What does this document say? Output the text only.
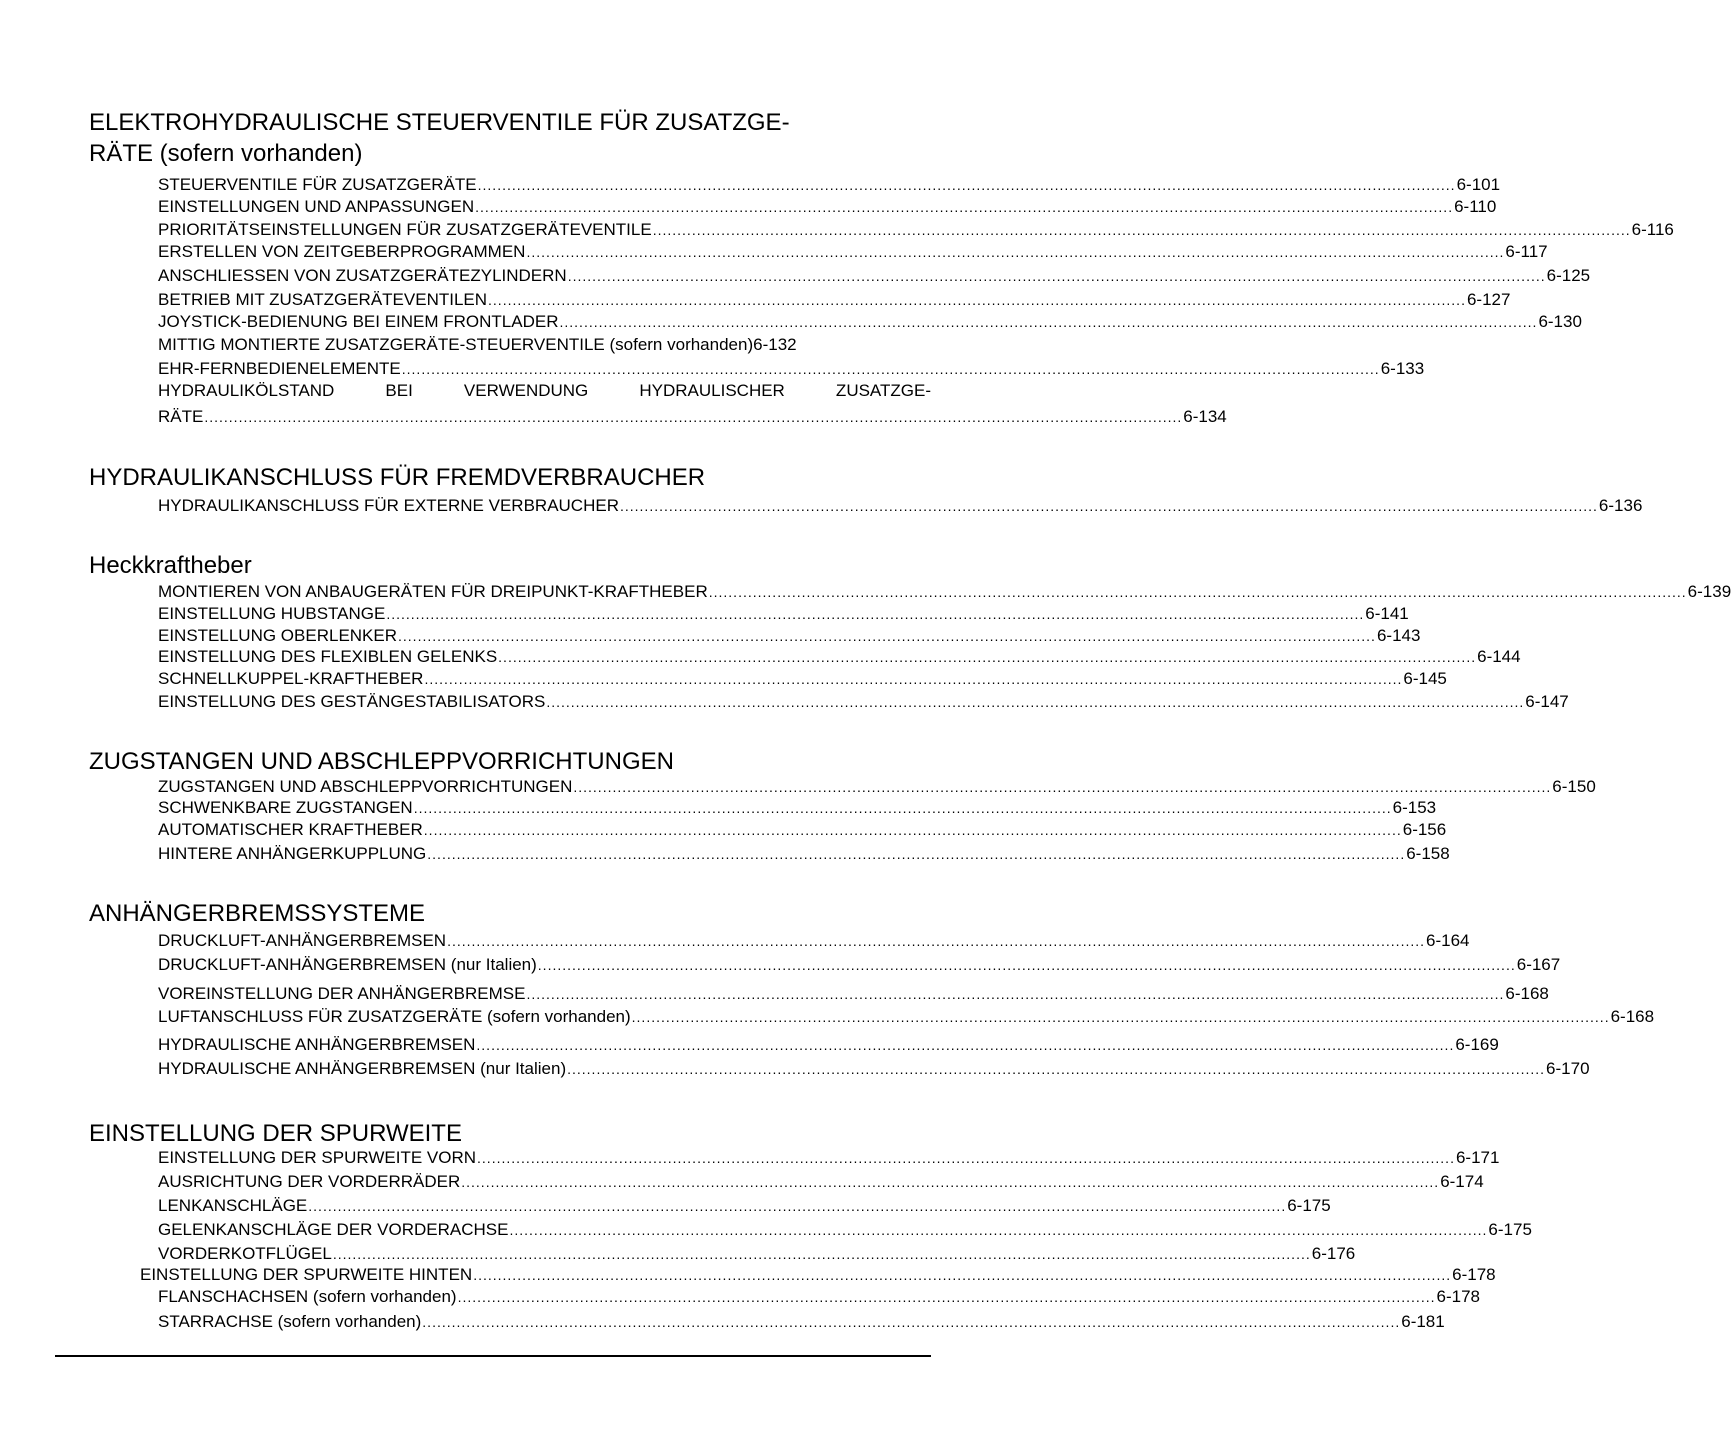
ELEKTROHYDRAULISCHE STEUERVENTILE FÜR ZUSATZGE-
RÄTE (sofern vorhanden)
STEUERVENTILE FÜR ZUSATZGERÄTE ........................................................................................................................................................................................................ 6-101
EINSTELLUNGEN UND ANPASSUNGEN ........................................................................................................................................................................................................ 6-110
PRIORITÄTSEINSTELLUNGEN FÜR ZUSATZGERÄTEVENTILE ........................................................................................................................................................................................................ 6-116
ERSTELLEN VON ZEITGEBERPROGRAMMEN ........................................................................................................................................................................................................ 6-117
ANSCHLIESSEN VON ZUSATZGERÄTEZYLINDERN ........................................................................................................................................................................................................ 6-125
BETRIEB MIT ZUSATZGERÄTEVENTILEN ........................................................................................................................................................................................................ 6-127
JOYSTICK-BEDIENUNG BEI EINEM FRONTLADER ........................................................................................................................................................................................................ 6-130
MITTIG MONTIERTE ZUSATZGERÄTE-STEUERVENTILE (sofern vorhanden) 6-132
EHR-FERNBEDIENELEMENTE ........................................................................................................................................................................................................ 6-133
HYDRAULIKÖLSTAND BEI VERWENDUNG HYDRAULISCHER ZUSATZGE-
RÄTE ........................................................................................................................................................................................................ 6-134
HYDRAULIKANSCHLUSS FÜR FREMDVERBRAUCHER
HYDRAULIKANSCHLUSS FÜR EXTERNE VERBRAUCHER ........................................................................................................................................................................................................ 6-136
Heckkraftheber
MONTIEREN VON ANBAUGERÄTEN FÜR DREIPUNKT-KRAFTHEBER ........................................................................................................................................................................................................ 6-139
EINSTELLUNG HUBSTANGE ........................................................................................................................................................................................................ 6-141
EINSTELLUNG OBERLENKER ........................................................................................................................................................................................................ 6-143
EINSTELLUNG DES FLEXIBLEN GELENKS ........................................................................................................................................................................................................ 6-144
SCHNELLKUPPEL-KRAFTHEBER ........................................................................................................................................................................................................ 6-145
EINSTELLUNG DES GESTÄNGESTABILISATORS ........................................................................................................................................................................................................ 6-147
ZUGSTANGEN UND ABSCHLEPPVORRICHTUNGEN
ZUGSTANGEN UND ABSCHLEPPVORRICHTUNGEN ........................................................................................................................................................................................................ 6-150
SCHWENKBARE ZUGSTANGEN ........................................................................................................................................................................................................ 6-153
AUTOMATISCHER KRAFTHEBER ........................................................................................................................................................................................................ 6-156
HINTERE ANHÄNGERKUPPLUNG ........................................................................................................................................................................................................ 6-158
ANHÄNGERBREMSSYSTEME
DRUCKLUFT-ANHÄNGERBREMSEN ........................................................................................................................................................................................................ 6-164
DRUCKLUFT-ANHÄNGERBREMSEN (nur Italien) ........................................................................................................................................................................................................ 6-167
VOREINSTELLUNG DER ANHÄNGERBREMSE ........................................................................................................................................................................................................ 6-168
LUFTANSCHLUSS FÜR ZUSATZGERÄTE (sofern vorhanden) ........................................................................................................................................................................................................ 6-168
HYDRAULISCHE ANHÄNGERBREMSEN ........................................................................................................................................................................................................ 6-169
HYDRAULISCHE ANHÄNGERBREMSEN (nur Italien) ........................................................................................................................................................................................................ 6-170
EINSTELLUNG DER SPURWEITE
EINSTELLUNG DER SPURWEITE VORN ........................................................................................................................................................................................................ 6-171
AUSRICHTUNG DER VORDERRÄDER ........................................................................................................................................................................................................ 6-174
LENKANSCHLÄGE ........................................................................................................................................................................................................ 6-175
GELENKANSCHLÄGE DER VORDERACHSE ........................................................................................................................................................................................................ 6-175
VORDERKOTFLÜGEL ........................................................................................................................................................................................................ 6-176
EINSTELLUNG DER SPURWEITE HINTEN ........................................................................................................................................................................................................ 6-178
FLANSCHACHSEN (sofern vorhanden) ........................................................................................................................................................................................................ 6-178
STARRACHSE (sofern vorhanden) ........................................................................................................................................................................................................ 6-181
